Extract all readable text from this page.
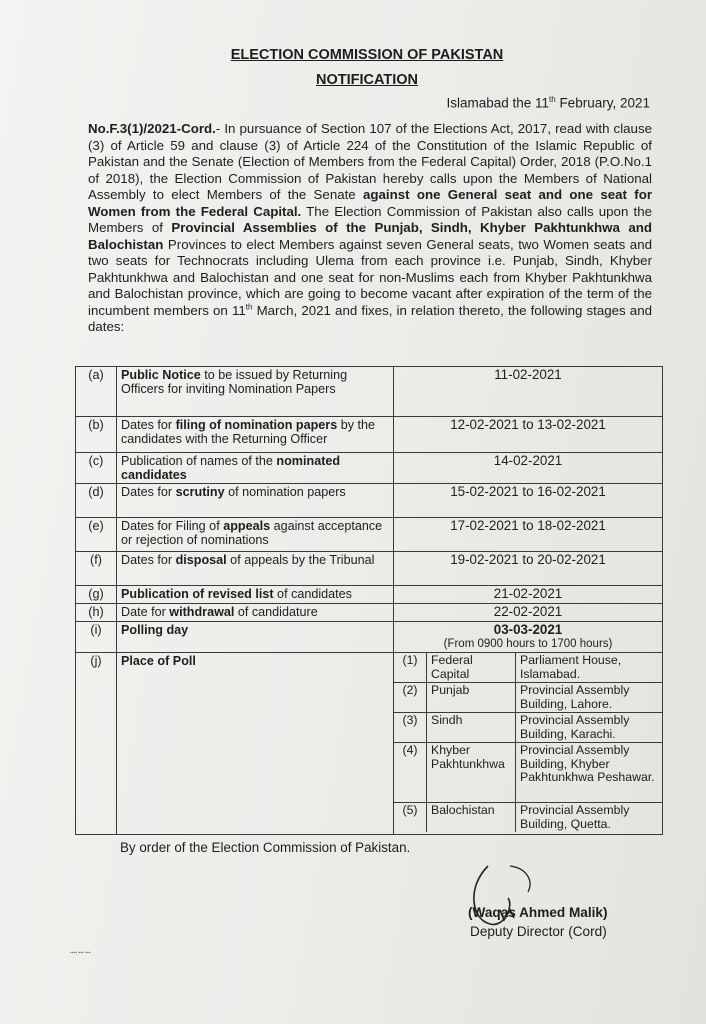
ELECTION COMMISSION OF PAKISTAN
NOTIFICATION
Islamabad the 11th February, 2021
No.F.3(1)/2021-Cord.- In pursuance of Section 107 of the Elections Act, 2017, read with clause (3) of Article 59 and clause (3) of Article 224 of the Constitution of the Islamic Republic of Pakistan and the Senate (Election of Members from the Federal Capital) Order, 2018 (P.O.No.1 of 2018), the Election Commission of Pakistan hereby calls upon the Members of National Assembly to elect Members of the Senate against one General seat and one seat for Women from the Federal Capital. The Election Commission of Pakistan also calls upon the Members of Provincial Assemblies of the Punjab, Sindh, Khyber Pakhtunkhwa and Balochistan Provinces to elect Members against seven General seats, two Women seats and two seats for Technocrats including Ulema from each province i.e. Punjab, Sindh, Khyber Pakhtunkhwa and Balochistan and one seat for non-Muslims each from Khyber Pakhtunkhwa and Balochistan province, which are going to become vacant after expiration of the term of the incumbent members on 11th March, 2021 and fixes, in relation thereto, the following stages and dates:
(a)	Public Notice to be issued by Returning Officers for inviting Nomination Papers	11-02-2021
(b)	Dates for filing of nomination papers by the candidates with the Returning Officer	12-02-2021 to 13-02-2021
(c)	Publication of names of the nominated candidates	14-02-2021
(d)	Dates for scrutiny of nomination papers	15-02-2021 to 16-02-2021
(e)	Dates for Filing of appeals against acceptance or rejection of nominations	17-02-2021 to 18-02-2021
(f)	Dates for disposal of appeals by the Tribunal	19-02-2021 to 20-02-2021
(g)	Publication of revised list of candidates	21-02-2021
(h)	Date for withdrawal of candidature	22-02-2021
(i)	Polling day	03-03-2021
(From 0900 hours to 1700 hours)

(j)	Place of Poll		(1)	Federal Capital	Parliament House, Islamabad.
(2)	Punjab	Provincial Assembly Building, Lahore.
(3)	Sindh	Provincial Assembly Building, Karachi.
(4)	Khyber Pakhtunkhwa	Provincial Assembly Building, Khyber Pakhtunkhwa Peshawar.
(5)	Balochistan	Provincial Assembly Building, Quetta.
By order of the Election Commission of Pakistan.
(Waqas Ahmed Malik)
Deputy Director (Cord)
▪▪▪▪ ▪▪▪ ▪▪▪
